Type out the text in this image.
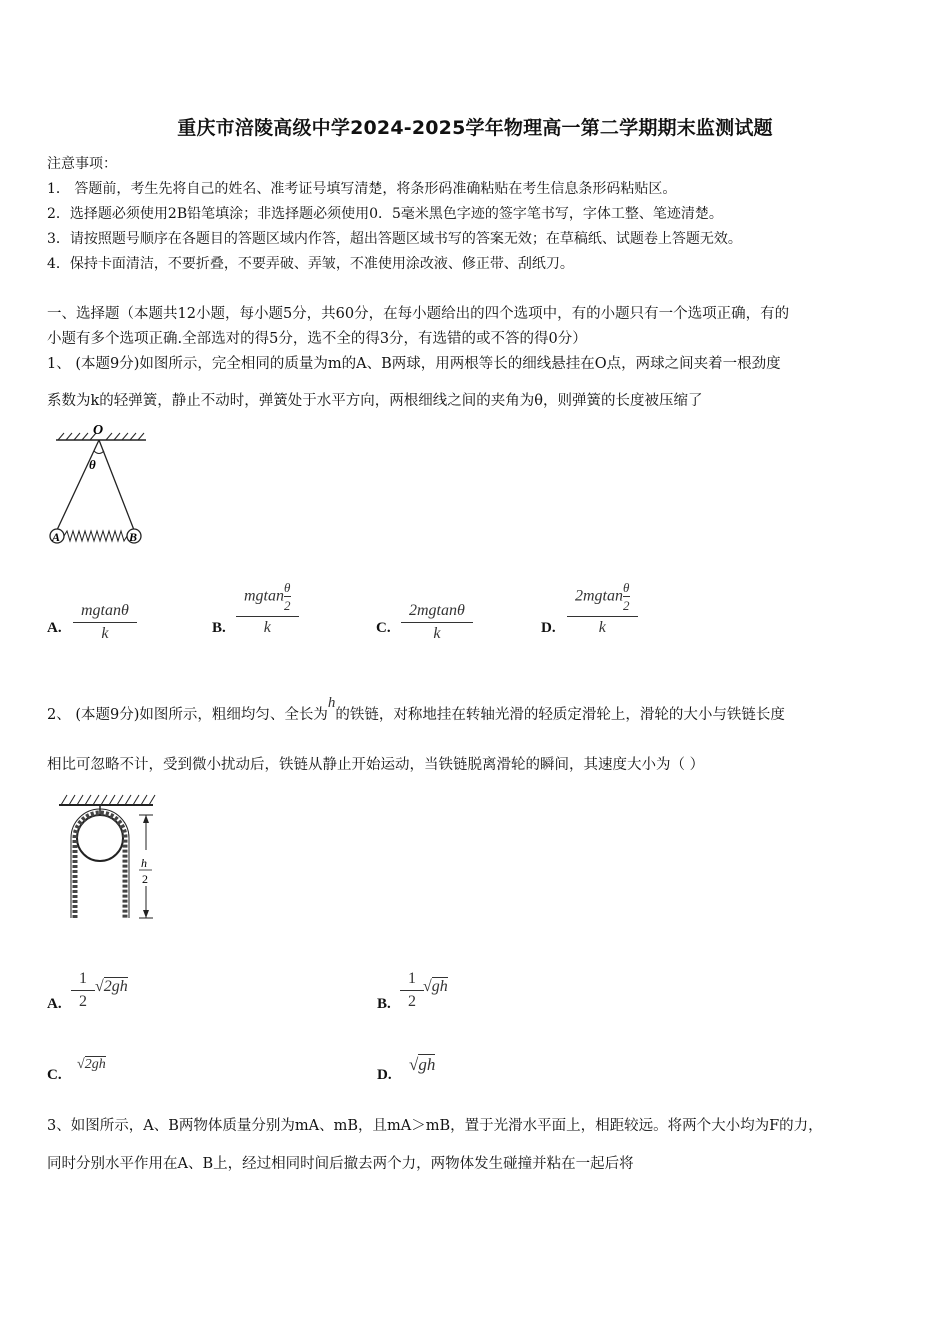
重庆市涪陵高级中学2024-2025学年物理高一第二学期期末监测试题
注意事项：
1． 答题前，考生先将自己的姓名、准考证号填写清楚，将条形码准确粘贴在考生信息条形码粘贴区。
2．选择题必须使用2B铅笔填涂；非选择题必须使用0．5毫米黑色字迹的签字笔书写，字体工整、笔迹清楚。
3．请按照题号顺序在各题目的答题区域内作答，超出答题区域书写的答案无效；在草稿纸、试题卷上答题无效。
4．保持卡面清洁，不要折叠，不要弄破、弄皱，不准使用涂改液、修正带、刮纸刀。
一、选择题（本题共12小题，每小题5分，共60分，在每小题给出的四个选项中，有的小题只有一个选项正确，有的
小题有多个选项正确.全部选对的得5分，选不全的得3分，有选错的或不答的得0分）
1、 (本题9分)如图所示，完全相同的质量为m的A、B两球，用两根等长的细线悬挂在O点，两球之间夹着一根劲度
系数为k的轻弹簧，静止不动时，弹簧处于水平方向，两根细线之间的夹角为θ，则弹簧的长度被压缩了
O
θ
A	B
A. $\frac{mgtan\theta}{k}$	B. $\frac{mgtan \frac{\theta}{2}}{k}$	C. $\frac{2mgtan\theta}{k}$	D. $\frac{2mgtan \frac{\theta}{2}}{k}$
2、 (本题9分)如图所示，粗细均匀、全长为h的铁链，对称地挂在转轴光滑的轻质定滑轮上，滑轮的大小与铁链长度
相比可忽略不计，受到微小扰动后，铁链从静止开始运动，当铁链脱离滑轮的瞬间，其速度大小为（ ）
h
2
A. $\frac{1}{2} √2gh$
B. $\frac{1}{2} √gh$
C.
√2gh
D.
√gh
3、如图所示，A、B两物体质量分别为mA、mB，且mA＞mB，置于光滑水平面上，相距较远。将两个大小均为F的力，
同时分别水平作用在A、B上，经过相同时间后撤去两个力，两物体发生碰撞并粘在一起后将
